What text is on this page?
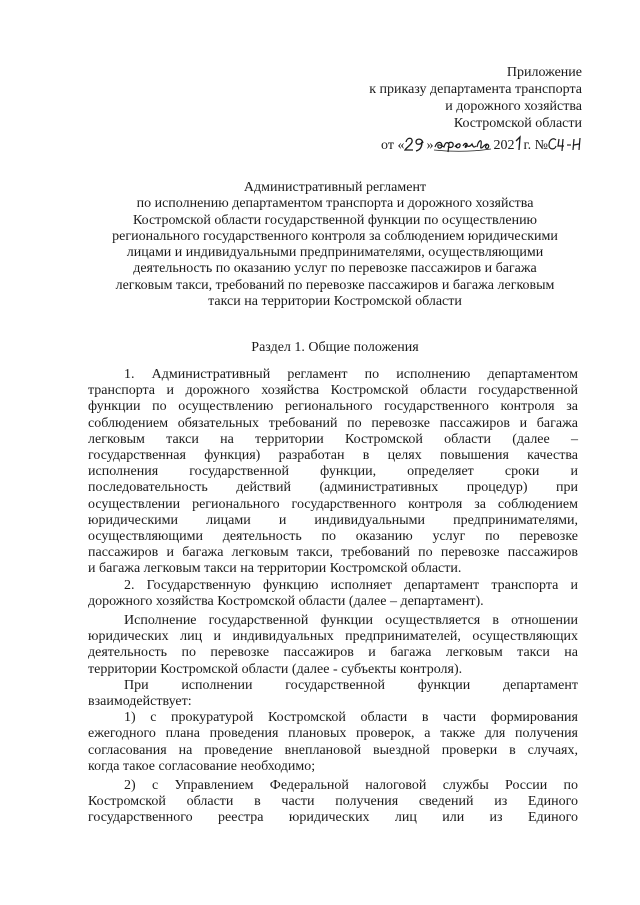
Приложение
к приказу департамента транспорта
и дорожного хозяйства
Костромской области
от « »	202 г. №
Административный регламент
по исполнению департаментом транспорта и дорожного хозяйства
Костромской области государственной функции по осуществлению
регионального государственного контроля за соблюдением юридическими
лицами и индивидуальными предпринимателями, осуществляющими
деятельность по оказанию услуг по перевозке пассажиров и багажа
легковым такси, требований по перевозке пассажиров и багажа легковым
такси на территории Костромской области
Раздел 1. Общие положения
1. Административный регламент по исполнению департаментом
транспорта и дорожного хозяйства Костромской области государственной
функции по осуществлению регионального государственного контроля за
соблюдением обязательных требований по перевозке пассажиров и багажа
легковым такси на территории Костромской области (далее –
государственная функция) разработан в целях повышения качества
исполнения государственной функции, определяет сроки и
последовательность действий (административных процедур) при
осуществлении регионального государственного контроля за соблюдением
юридическими лицами и индивидуальными предпринимателями,
осуществляющими деятельность по оказанию услуг по перевозке
пассажиров и багажа легковым такси, требований по перевозке пассажиров
и багажа легковым такси на территории Костромской области.
2. Государственную функцию исполняет департамент транспорта и
дорожного хозяйства Костромской области (далее – департамент).
Исполнение государственной функции осуществляется в отношении
юридических лиц и индивидуальных предпринимателей, осуществляющих
деятельность по перевозке пассажиров и багажа легковым такси на
территории Костромской области (далее - субъекты контроля).
При исполнении государственной функции департамент
взаимодействует:
1) с прокуратурой Костромской области в части формирования
ежегодного плана проведения плановых проверок, а также для получения
согласования на проведение внеплановой выездной проверки в случаях,
когда такое согласование необходимо;
2) с Управлением Федеральной налоговой службы России по
Костромской области в части получения сведений из Единого
государственного реестра юридических лиц или из Единого
